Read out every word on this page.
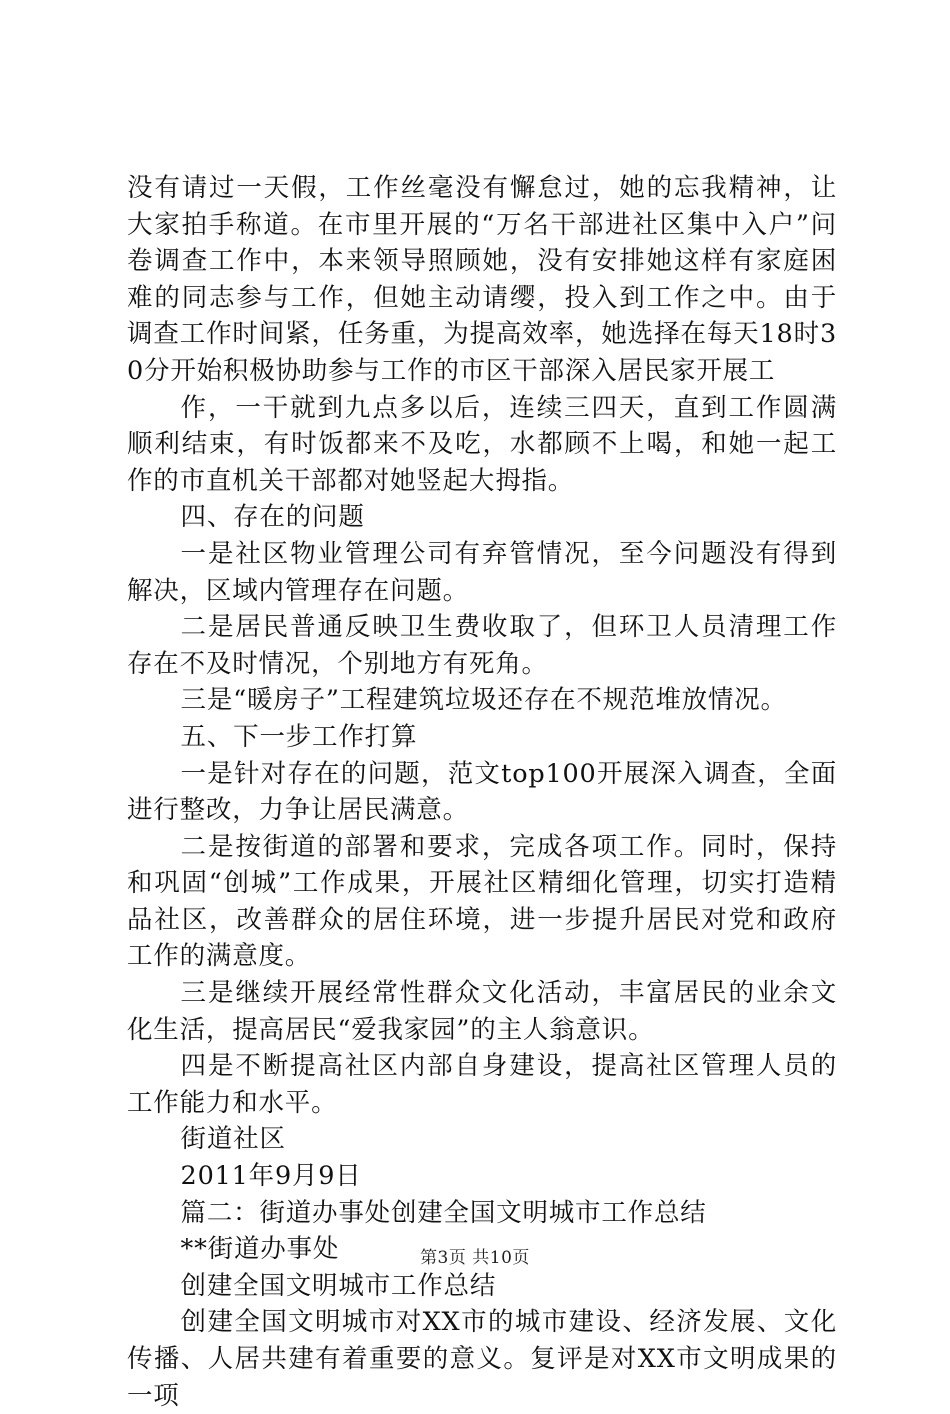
没有请过一天假，工作丝毫没有懈怠过，她的忘我精神，让大家拍手称道。在市里开展的“万名干部进社区集中入户”问卷调查工作中，本来领导照顾她，没有安排她这样有家庭困难的同志参与工作，但她主动请缨，投入到工作之中。由于调查工作时间紧，任务重，为提高效率，她选择在每天18时30分开始积极协助参与工作的市区干部深入居民家开展工

作，一干就到九点多以后，连续三四天，直到工作圆满顺利结束，有时饭都来不及吃，水都顾不上喝，和她一起工作的市直机关干部都对她竖起大拇指。

四、存在的问题

一是社区物业管理公司有弃管情况，至今问题没有得到解决，区域内管理存在问题。

二是居民普通反映卫生费收取了，但环卫人员清理工作存在不及时情况，个别地方有死角。

三是“暖房子”工程建筑垃圾还存在不规范堆放情况。

五、下一步工作打算

一是针对存在的问题，范文top100开展深入调查，全面进行整改，力争让居民满意。

二是按街道的部署和要求，完成各项工作。同时，保持和巩固“创城”工作成果，开展社区精细化管理，切实打造精品社区，改善群众的居住环境，进一步提升居民对党和政府工作的满意度。

三是继续开展经常性群众文化活动，丰富居民的业余文化生活，提高居民“爱我家园”的主人翁意识。

四是不断提高社区内部自身建设，提高社区管理人员的工作能力和水平。

街道社区

2011年9月9日

篇二：街道办事处创建全国文明城市工作总结

**街道办事处

创建全国文明城市工作总结

创建全国文明城市对XX市的城市建设、经济发展、文化传播、人居共建有着重要的意义。复评是对XX市文明成果的一项

第3页 共10页
